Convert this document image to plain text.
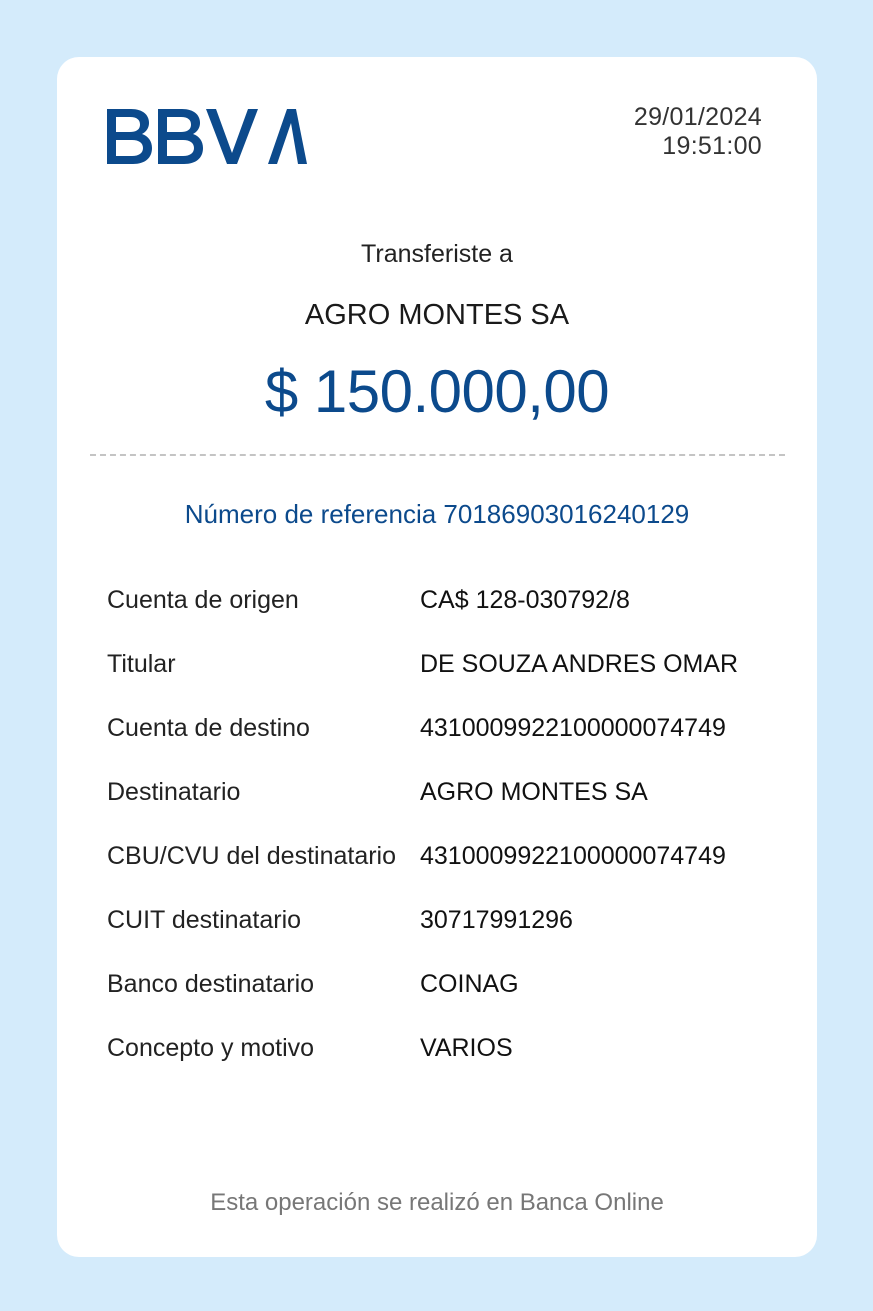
29/01/2024
19:51:00
Transferiste a
AGRO MONTES SA
$ 150.000,00
Número de referencia 70186903016240129
Cuenta de origen	CA$ 128-030792/8
Titular	DE SOUZA ANDRES OMAR
Cuenta de destino	4310009922100000074749
Destinatario	AGRO MONTES SA
CBU/CVU del destinatario 4310009922100000074749
CUIT destinatario	30717991296
Banco destinatario	COINAG
Concepto y motivo	VARIOS
Esta operación se realizó en Banca Online
